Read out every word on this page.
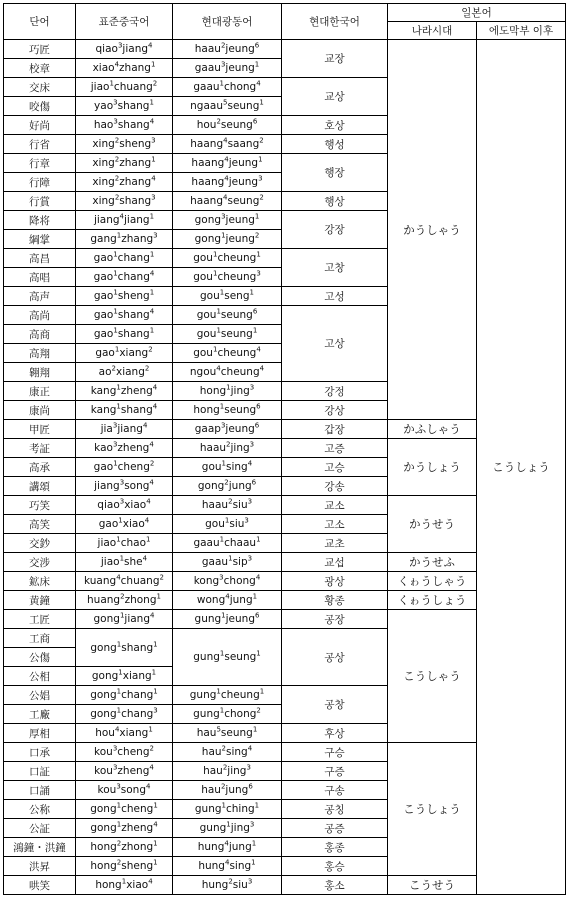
단어	표준중국어	현대광동어	현대한국어	일본어	
				나라시대	에도막부 이후
巧匠	qiao$^3$jiang$^4$	haau$^2$jeung$^6$	교장	かうしゃう	こうしょう
校章	xiao$^4$zhang$^1$	gaau$^3$jeung$^1$
交床	jiao$^1$chuang$^2$	gaau$^1$chong$^4$	교상		
咬傷	yao$^3$shang$^1$	ngaau$^5$seung$^1$
好尚	hao$^3$shang$^4$	hou$^2$seung$^6$	호상		
行省	xing$^2$sheng$^3$	haang$^4$saang$^2$	행성		
行章	xing$^2$zhang$^1$	haang$^4$jeung$^1$	행장		
行障	xing$^2$zhang$^4$	haang$^4$jeung$^3$
行賞	xing$^2$shang$^3$	haang$^4$seung$^2$	행상		
降将	jiang$^4$jiang$^1$	gong$^3$jeung$^1$	강장		
綱掌	gang$^1$zhang$^3$	gong$^1$jeung$^2$
高昌	gao$^1$chang$^1$	gou$^1$cheung$^1$	고창		
高唱	gao$^1$chang$^4$	gou$^1$cheung$^3$
高声	gao$^1$sheng$^1$	gou$^1$seng$^1$	고성		
高尚	gao$^1$shang$^4$	gou$^1$seung$^6$	고상		
高商	gao$^1$shang$^1$	gou$^1$seung$^1$
高翔	gao$^1$xiang$^2$	gou$^1$cheung$^4$
翱翔	$ao^2xiang^2$	ngou$^4$cheung$^4$
康正	kang$^1$zheng$^4$	hong$^1$jing$^3$	강정		
康尚	kang$^1$shang$^4$	hong$^1$seung$^6$	강상		
甲匠	jia$^3$jiang$^4$	gaap$^3$jeung$^6$	갑장	かふしゃう	
考証	kao$^3$zheng$^4$	haau$^2$jing$^3$	고증	かうしょう	
高承	gao$^1$cheng$^2$	gou$^1$sing$^4$	고승		
講頌	jiang$^3$song$^4$	gong$^2$jung$^6$	강송		
巧笑	qiao$^3$xiao$^4$	haau$^2$siu$^3$	교소	かうせう	
高笑	gao$^1$xiao$^4$	gou$^1$siu$^3$	고소		
交鈔	jiao$^1$chao$^1$	gaau$^1$chaau$^1$	교초		
交涉	jiao$^1$she$^4$	gaau$^1$sip$^3$	교섭	かうせふ	
鉱床	kuang$^4$chuang$^2$	kong$^3$chong$^4$	광상	くゎうしゃう	
黄鐘	huang$^2$zhong$^1$	wong$^4$jung$^1$	황종	くゎうしょう	
工匠	gong$^1$jiang$^4$	gung$^1$jeung$^6$	공장	こうしゃう	
工商	gong$^1$shang$^1$	gung$^1$seung$^1$	공상		
公傷					
公相	gong$^1$xiang$^1$
公娼	gong$^1$chang$^1$	gung$^1$cheung$^1$	공창		
工廠	gong$^1$chang$^3$	gung$^1$chong$^2$
厚相	hou$^4$xiang$^1$	hau$^5$seung$^1$	후상		
口承	kou$^3$cheng$^2$	hau$^2$sing$^4$	구승	こうしょう	
口証	kou$^3$zheng$^4$	hau$^2$jing$^3$	구증		
口誦	kou$^3$song$^4$	hau$^2$jung$^6$	구송		
公称	gong$^1$cheng$^1$	gung$^1$ching$^1$	공칭		
公証	gong$^1$zheng$^4$	gung$^1$jing$^3$	공증		
鴻鐘・洪鐘	hong$^2$zhong$^1$	hung$^4$jung$^1$	홍종		
洪昇	hong$^2$sheng$^1$	hung$^4$sing$^1$	홍승		
哄笑	hong$^1$xiao$^4$	hung$^2$siu$^3$	홍소	こうせう	
